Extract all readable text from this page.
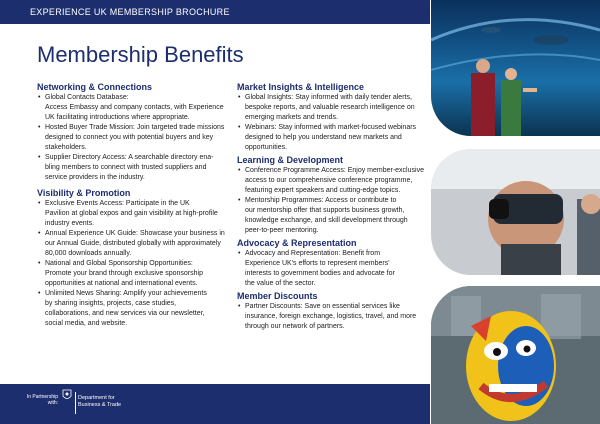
EXPERIENCE UK MEMBERSHIP BROCHURE
Membership Benefits
Networking & Connections
• Global Contacts Database:
Access Embassy and company contacts, with Experience
UK facilitating introductions where appropriate.
• Hosted Buyer Trade Mission: Join targeted trade missions
designed to connect you with potential buyers and key
stakeholders.
• Supplier Directory Access: A searchable directory ena-
bling members to connect with trusted suppliers and
service providers in the industry.
Visibility & Promotion
• Exclusive Events Access: Participate in the UK
Pavilion at global expos and gain visibility at high-profile
industry events.
• Annual Experience UK Guide: Showcase your business in
our Annual Guide, distributed globally with approximately
80,000 downloads annually.
• National and Global Sponsorship Opportunities:
Promote your brand through exclusive sponsorship
opportunities at national and international events.
• Unlimited News Sharing: Amplify your achievements
by sharing insights, projects, case studies,
collaborations, and new services via our newsletter,
social media, and website.
Market Insights & Intelligence
• Global Insights: Stay informed with daily tender alerts,
bespoke reports, and valuable research intelligence on
emerging markets and trends.
• Webinars: Stay informed with market-focused webinars
designed to help you understand new markets and
opportunities.
Learning & Development
• Conference Programme Access: Enjoy member-exclusive
access to our comprehensive conference programme,
featuring expert speakers and cutting-edge topics.
• Mentorship Programmes: Access or contribute to
our mentorship offer that supports business growth,
knowledge exchange, and skill development through
peer-to-peer mentoring.
Advocacy & Representation
• Advocacy and Representation: Benefit from
Experience UK's efforts to represent members'
interests to government bodies and advocate for
the value of the sector.
Member Discounts
• Partner Discounts: Save on essential services like
insurance, foreign exchange, logistics, travel, and more
through our network of partners.
In Partnership
with:
Department for
Business & Trade
